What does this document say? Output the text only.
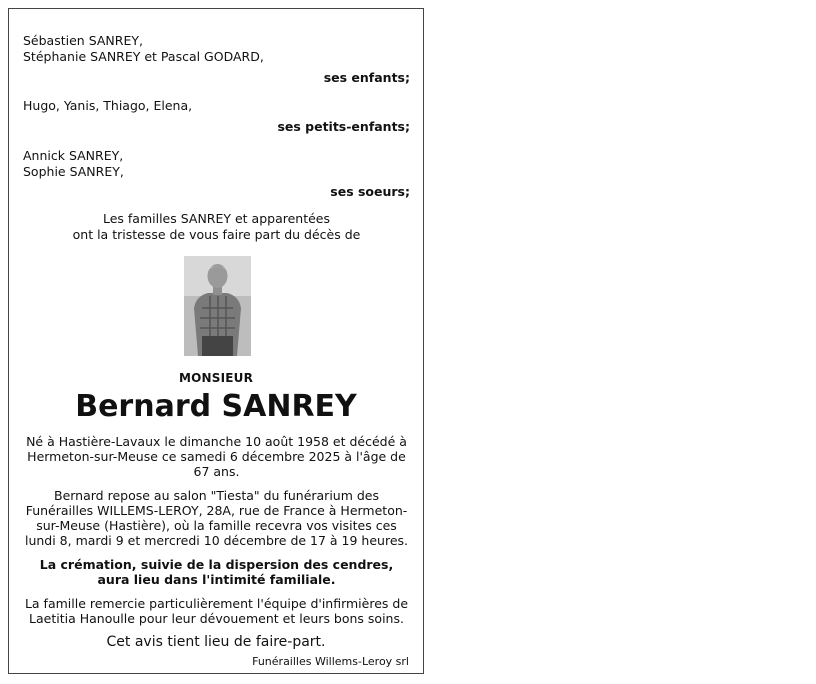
Sébastien SANREY,
Stéphanie SANREY et Pascal GODARD,
ses enfants;
Hugo, Yanis, Thiago, Elena,
ses petits-enfants;
Annick SANREY,
Sophie SANREY,
ses soeurs;
Les familles SANREY et apparentées
ont la tristesse de vous faire part du décès de
MONSIEUR
Bernard SANREY
Né à Hastière-Lavaux le dimanche 10 août 1958 et décédé à Hermeton-sur-Meuse ce samedi 6 décembre 2025 à l'âge de 67 ans.
Bernard repose au salon "Tiesta" du funérarium des Funérailles WILLEMS-LEROY, 28A, rue de France à Hermeton-sur-Meuse (Hastière), où la famille recevra vos visites ces lundi 8, mardi 9 et mercredi 10 décembre de 17 à 19 heures.
La crémation, suivie de la dispersion des cendres,
aura lieu dans l'intimité familiale.
La famille remercie particulièrement l'équipe d'infirmières de Laetitia Hanoulle pour leur dévouement et leurs bons soins.
Cet avis tient lieu de faire-part.
Funérailles Willems-Leroy srl
